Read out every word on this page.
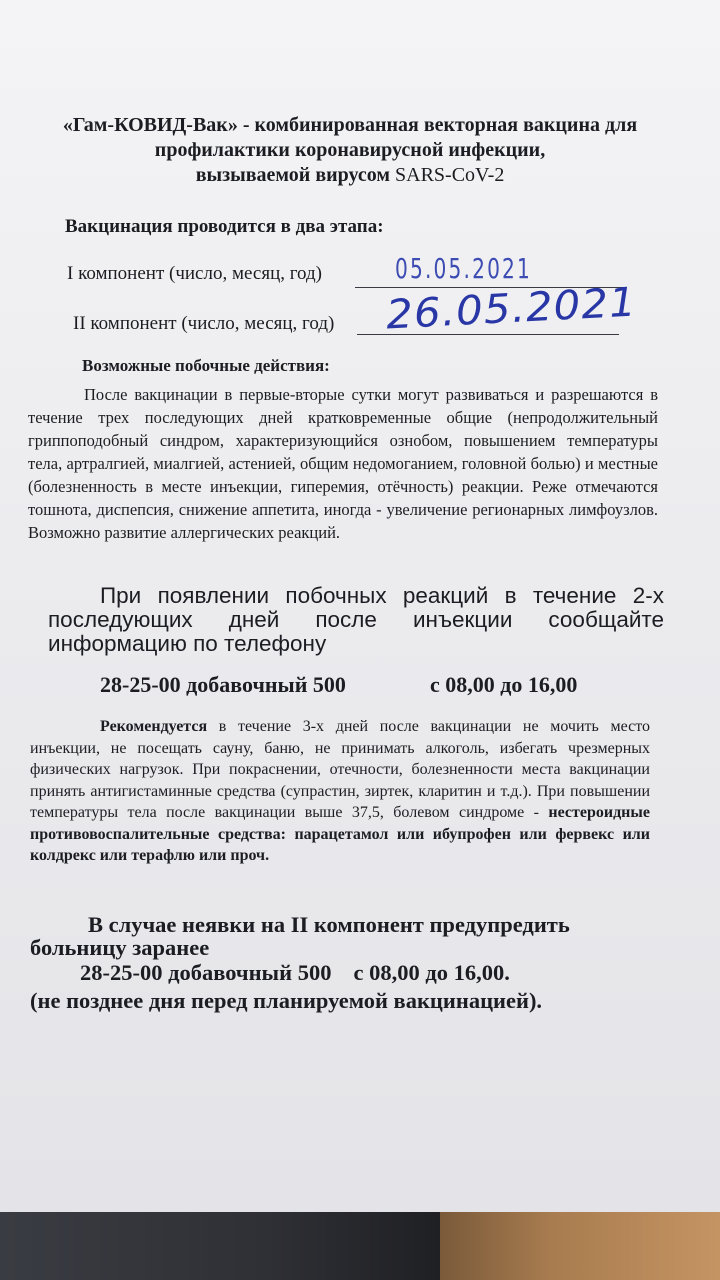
«Гам-КОВИД-Вак» - комбинированная векторная вакцина для
профилактики коронавирусной инфекции,
вызываемой вирусом SARS-CoV-2
Вакцинация проводится в два этапа:
I компонент (число, месяц, год)	05.05.2021
II компонент (число, месяц, год) 26.05.2021
Возможные побочные действия:
После вакцинации в первые-вторые сутки могут развиваться и разрешаются в течение трех последующих дней кратковременные общие (непродолжительный гриппоподобный синдром, характеризующийся ознобом, повышением температуры тела, артралгией, миалгией, астенией, общим недомоганием, головной болью) и местные (болезненность в месте инъекции, гиперемия, отёчность) реакции. Реже отмечаются тошнота, диспепсия, снижение аппетита, иногда - увеличение регионарных лимфоузлов. Возможно развитие аллергических реакций.
При появлении побочных реакций в течение 2-х последующих дней после инъекции сообщайте информацию по телефону
28-25-00 добавочный 500	с 08,00 до 16,00
Рекомендуется в течение 3-х дней после вакцинации не мочить место инъекции, не посещать сауну, баню, не принимать алкоголь, избегать чрезмерных физических нагрузок. При покраснении, отечности, болезненности места вакцинации принять антигистаминные средства (супрастин, зиртек, кларитин и т.д.). При повышении температуры тела после вакцинации выше 37,5, болевом синдроме - нестероидные противовоспалительные средства: парацетамол или ибупрофен или фервекс или колдрекс или терафлю или проч.
В случае неявки на II компонент предупредить
больницу заранее
28-25-00 добавочный 500 с 08,00 до 16,00.
(не позднее дня перед планируемой вакцинацией).
